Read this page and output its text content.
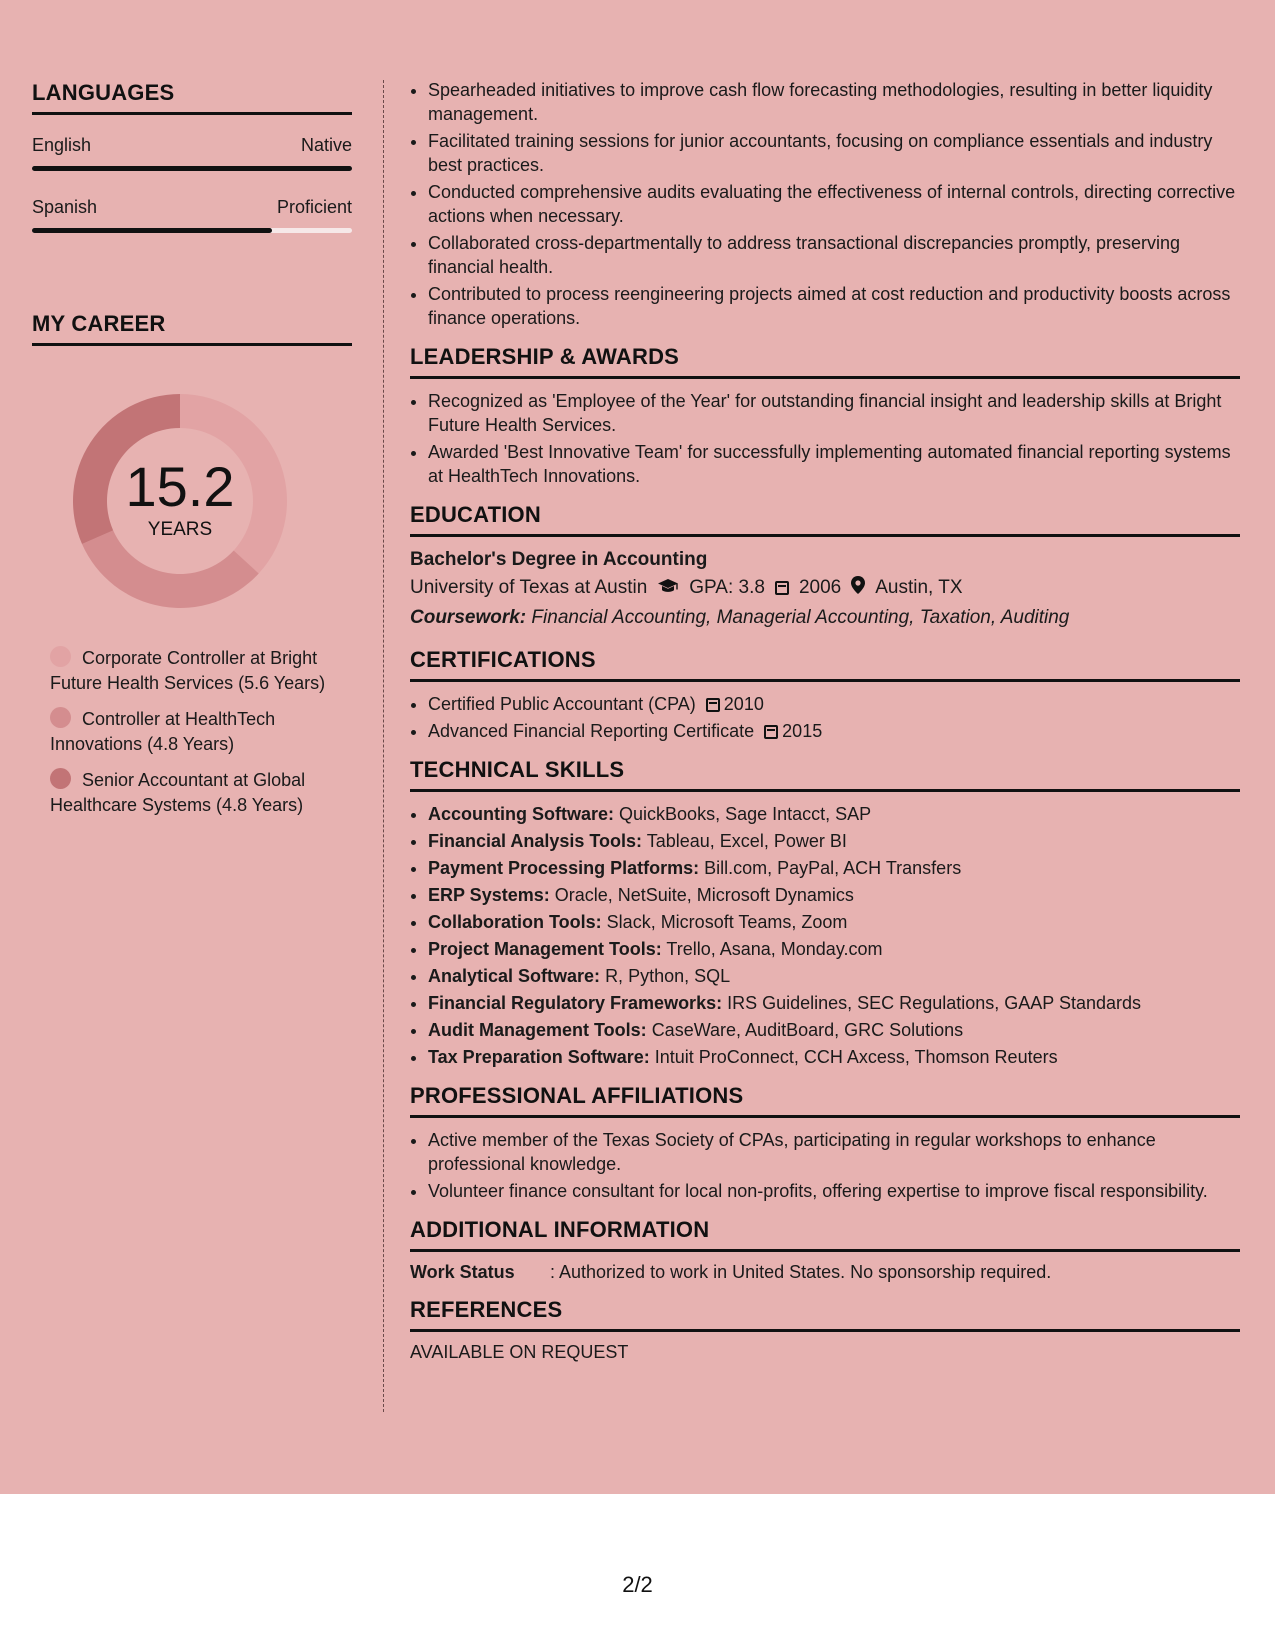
LANGUAGES
English	Native
Spanish	Proficient
MY CAREER
15.2
YEARS
Corporate Controller at Bright Future Health Services (5.6 Years)
Controller at HealthTech Innovations (4.8 Years)
Senior Accountant at Global Healthcare Systems (4.8 Years)
• Spearheaded initiatives to improve cash flow forecasting methodologies, resulting in better liquidity management.
• Facilitated training sessions for junior accountants, focusing on compliance essentials and industry best practices.
• Conducted comprehensive audits evaluating the effectiveness of internal controls, directing corrective actions when necessary.
• Collaborated cross-departmentally to address transactional discrepancies promptly, preserving financial health.
• Contributed to process reengineering projects aimed at cost reduction and productivity boosts across finance operations.
LEADERSHIP & AWARDS
• Recognized as 'Employee of the Year' for outstanding financial insight and leadership skills at Bright Future Health Services.
• Awarded 'Best Innovative Team' for successfully implementing automated financial reporting systems at HealthTech Innovations.
EDUCATION
Bachelor's Degree in Accounting
University of Texas at Austin GPA: 3.8 2006 Austin, TX
Coursework: Financial Accounting, Managerial Accounting, Taxation, Auditing
CERTIFICATIONS
• Certified Public Accountant (CPA) 2010
• Advanced Financial Reporting Certificate 2015
TECHNICAL SKILLS
• Accounting Software: QuickBooks, Sage Intacct, SAP
• Financial Analysis Tools: Tableau, Excel, Power BI
• Payment Processing Platforms: Bill.com, PayPal, ACH Transfers
• ERP Systems: Oracle, NetSuite, Microsoft Dynamics
• Collaboration Tools: Slack, Microsoft Teams, Zoom
• Project Management Tools: Trello, Asana, Monday.com
• Analytical Software: R, Python, SQL
• Financial Regulatory Frameworks: IRS Guidelines, SEC Regulations, GAAP Standards
• Audit Management Tools: CaseWare, AuditBoard, GRC Solutions
• Tax Preparation Software: Intuit ProConnect, CCH Axcess, Thomson Reuters
PROFESSIONAL AFFILIATIONS
• Active member of the Texas Society of CPAs, participating in regular workshops to enhance professional knowledge.
• Volunteer finance consultant for local non-profits, offering expertise to improve fiscal responsibility.
ADDITIONAL INFORMATION
Work Status	: Authorized to work in United States. No sponsorship required.
REFERENCES
AVAILABLE ON REQUEST
2/2
